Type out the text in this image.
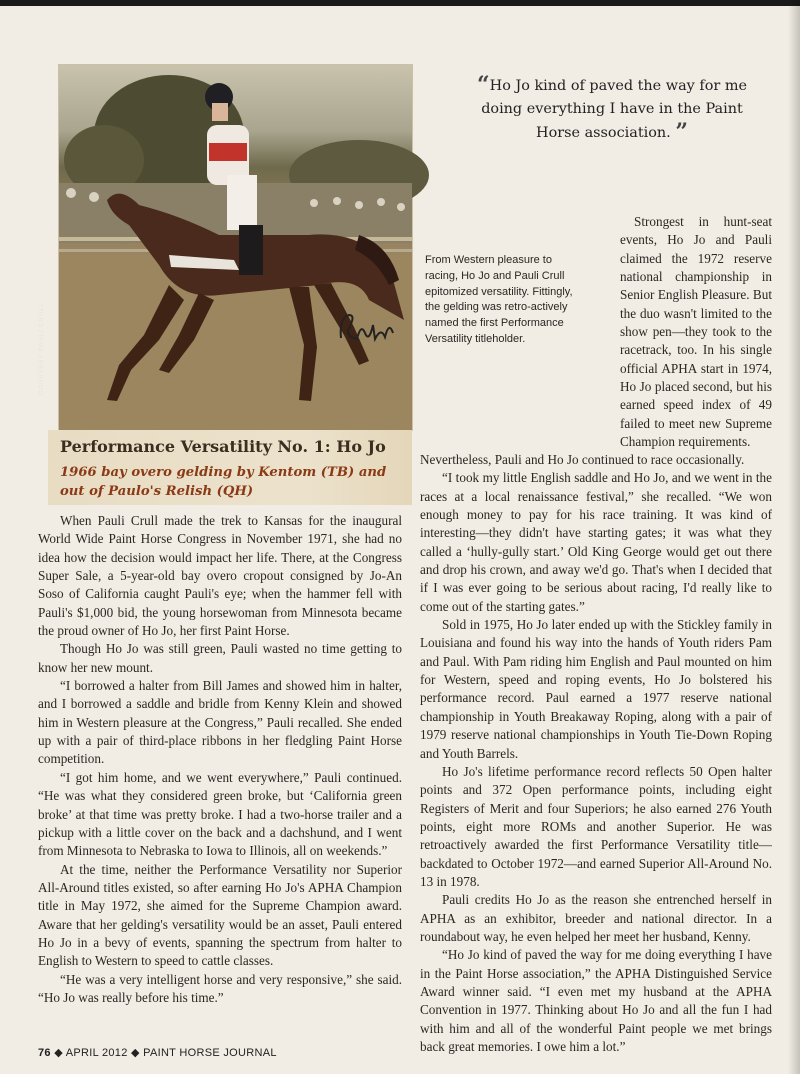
COURTESY PAULI CRULL
Performance Versatility No. 1: Ho Jo
1966 bay overo gelding by Kentom (TB) and out of Paulo's Relish (QH)
“Ho Jo kind of paved the way for me doing everything I have in the Paint Horse association. ”
From Western pleasure to racing, Ho Jo and Pauli Crull epitomized versatility. Fittingly, the gelding was retro-actively named the first Performance Versatility titleholder.

Strongest in hunt-seat events, Ho Jo and Pauli claimed the 1972 reserve national championship in Senior English Pleasure. But the duo wasn't limited to the show pen—they took to the racetrack, too. In his single official APHA start in 1974, Ho Jo placed second, but his earned speed index of 49 failed to meet new Supreme Champion requirements.

When Pauli Crull made the trek to Kansas for the inaugural World Wide Paint Horse Congress in November 1971, she had no idea how the decision would impact her life. There, at the Congress Super Sale, a 5-year-old bay overo cropout consigned by Jo-An Soso of California caught Pauli's eye; when the hammer fell with Pauli's $1,000 bid, the young horsewoman from Minnesota became the proud owner of Ho Jo, her first Paint Horse.

Though Ho Jo was still green, Pauli wasted no time getting to know her new mount.

“I borrowed a halter from Bill James and showed him in halter, and I borrowed a saddle and bridle from Kenny Klein and showed him in Western pleasure at the Congress,” Pauli recalled. She ended up with a pair of third-place ribbons in her fledgling Paint Horse competition.

“I got him home, and we went everywhere,” Pauli continued. “He was what they considered green broke, but ‘California green broke’ at that time was pretty broke. I had a two-horse trailer and a pickup with a little cover on the back and a dachshund, and I went from Minnesota to Nebraska to Iowa to Illinois, all on weekends.”

At the time, neither the Performance Versatility nor Superior All-Around titles existed, so after earning Ho Jo's APHA Champion title in May 1972, she aimed for the Supreme Champion award. Aware that her gelding's versatility would be an asset, Pauli entered Ho Jo in a bevy of events, spanning the spectrum from halter to English to Western to speed to cattle classes.

“He was a very intelligent horse and very responsive,” she said. “Ho Jo was really before his time.”

Nevertheless, Pauli and Ho Jo continued to race occasionally.

“I took my little English saddle and Ho Jo, and we went in the races at a local renaissance festival,” she recalled. “We won enough money to pay for his race training. It was kind of interesting—they didn't have starting gates; it was what they called a ‘hully-gully start.’ Old King George would get out there and drop his crown, and away we'd go. That's when I decided that if I was ever going to be serious about racing, I'd really like to come out of the starting gates.”

Sold in 1975, Ho Jo later ended up with the Stickley family in Louisiana and found his way into the hands of Youth riders Pam and Paul. With Pam riding him English and Paul mounted on him for Western, speed and roping events, Ho Jo bolstered his performance record. Paul earned a 1977 reserve national championship in Youth Breakaway Roping, along with a pair of 1979 reserve national championships in Youth Tie-Down Roping and Youth Barrels.

Ho Jo's lifetime performance record reflects 50 Open halter points and 372 Open performance points, including eight Registers of Merit and four Superiors; he also earned 276 Youth points, eight more ROMs and another Superior. He was retroactively awarded the first Performance Versatility title—backdated to October 1972—and earned Superior All-Around No. 13 in 1978.

Pauli credits Ho Jo as the reason she entrenched herself in APHA as an exhibitor, breeder and national director. In a roundabout way, he even helped her meet her husband, Kenny.

“Ho Jo kind of paved the way for me doing everything I have in the Paint Horse association,” the APHA Distinguished Service Award winner said. “I even met my husband at the APHA Convention in 1977. Thinking about Ho Jo and all the fun I had with him and all of the wonderful Paint people we met brings back great memories. I owe him a lot.”

76 ◆ APRIL 2012 ◆ PAINT HORSE JOURNAL
